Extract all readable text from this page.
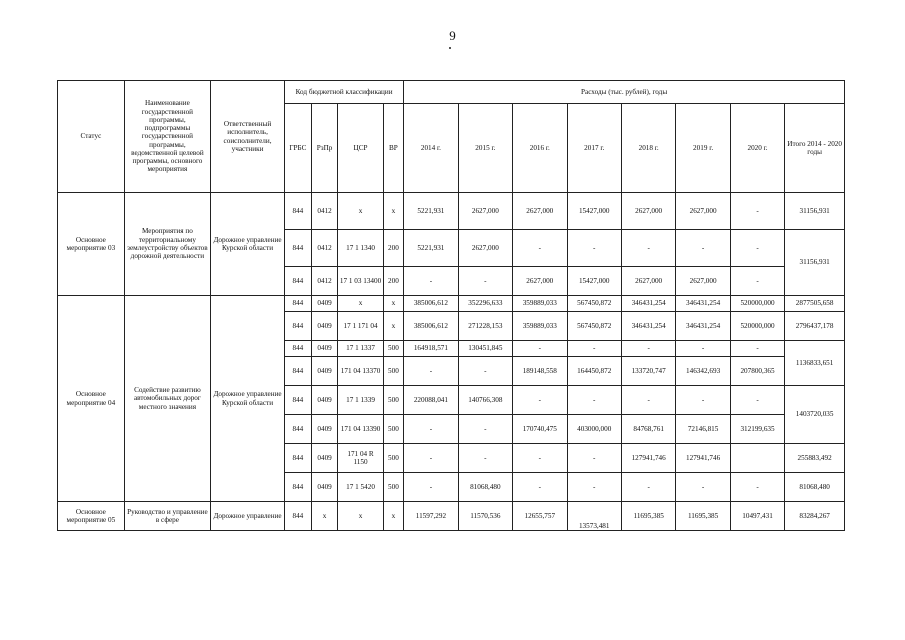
9
Статус	Наименование государственной программы, подпрограммы государственной программы, ведомственной целевой программы, основного мероприятия	Ответственный исполнитель, соисполнители, участники	Код бюджетной классификации				Расходы (тыс. рублей), годы							
			ГРБС	РзПр	ЦСР	ВР	2014 г.	2015 г.	2016 г.	2017 г.	2018 г.	2019 г.	2020 г.	Итого 2014 - 2020 годы
Основное мероприятие 03	Мероприятия по территориальному землеустройству объектов дорожной деятельности	Дорожное управление Курской области	844	0412	х	х	5221,931	2627,000	2627,000	15427,000	2627,000	2627,000	-	31156,931
			844	0412	17 1 1340	200	5221,931	2627,000	-	-	-	-	-	31156,931
			844	0412	17 1 03 13400	200	-	-	2627,000	15427,000	2627,000	2627,000	-	
Основное мероприятие 04	Содействие развитию автомобильных дорог местного значения	Дорожное управление Курской области	844	0409	х	х	385006,612	352296,633	359889,033	567450,872	346431,254	346431,254	520000,000	2877505,658
			844	0409	17 1 171 04	х	385006,612	271228,153	359889,033	567450,872	346431,254	346431,254	520000,000	2796437,178
			844	0409	17 1 1337	500	164918,571	130451,845	-	-	-	-	-	1136833,651
			844	0409	171 04 13370	500	-	-	189148,558	164450,872	133720,747	146342,693	207800,365	
			844	0409	17 1 1339	500	220088,041	140766,308	-	-	-	-	-	1403720,035
			844	0409	171 04 13390	500	-	-	170740,475	403000,000	84768,761	72146,815	312199,635	
			844	0409	171 04 R 1150	500	-	-	-	-	127941,746	127941,746		255883,492
			844	0409	17 1 5420	500	-	81068,480	-	-	-	-	-	81068,480
Основное мероприятие 05	Руководство и управление в сфере	Дорожное управление	844	х	х	х	11597,292	11570,536	12655,757	13573,481	11695,385	11695,385	10497,431	83284,267
